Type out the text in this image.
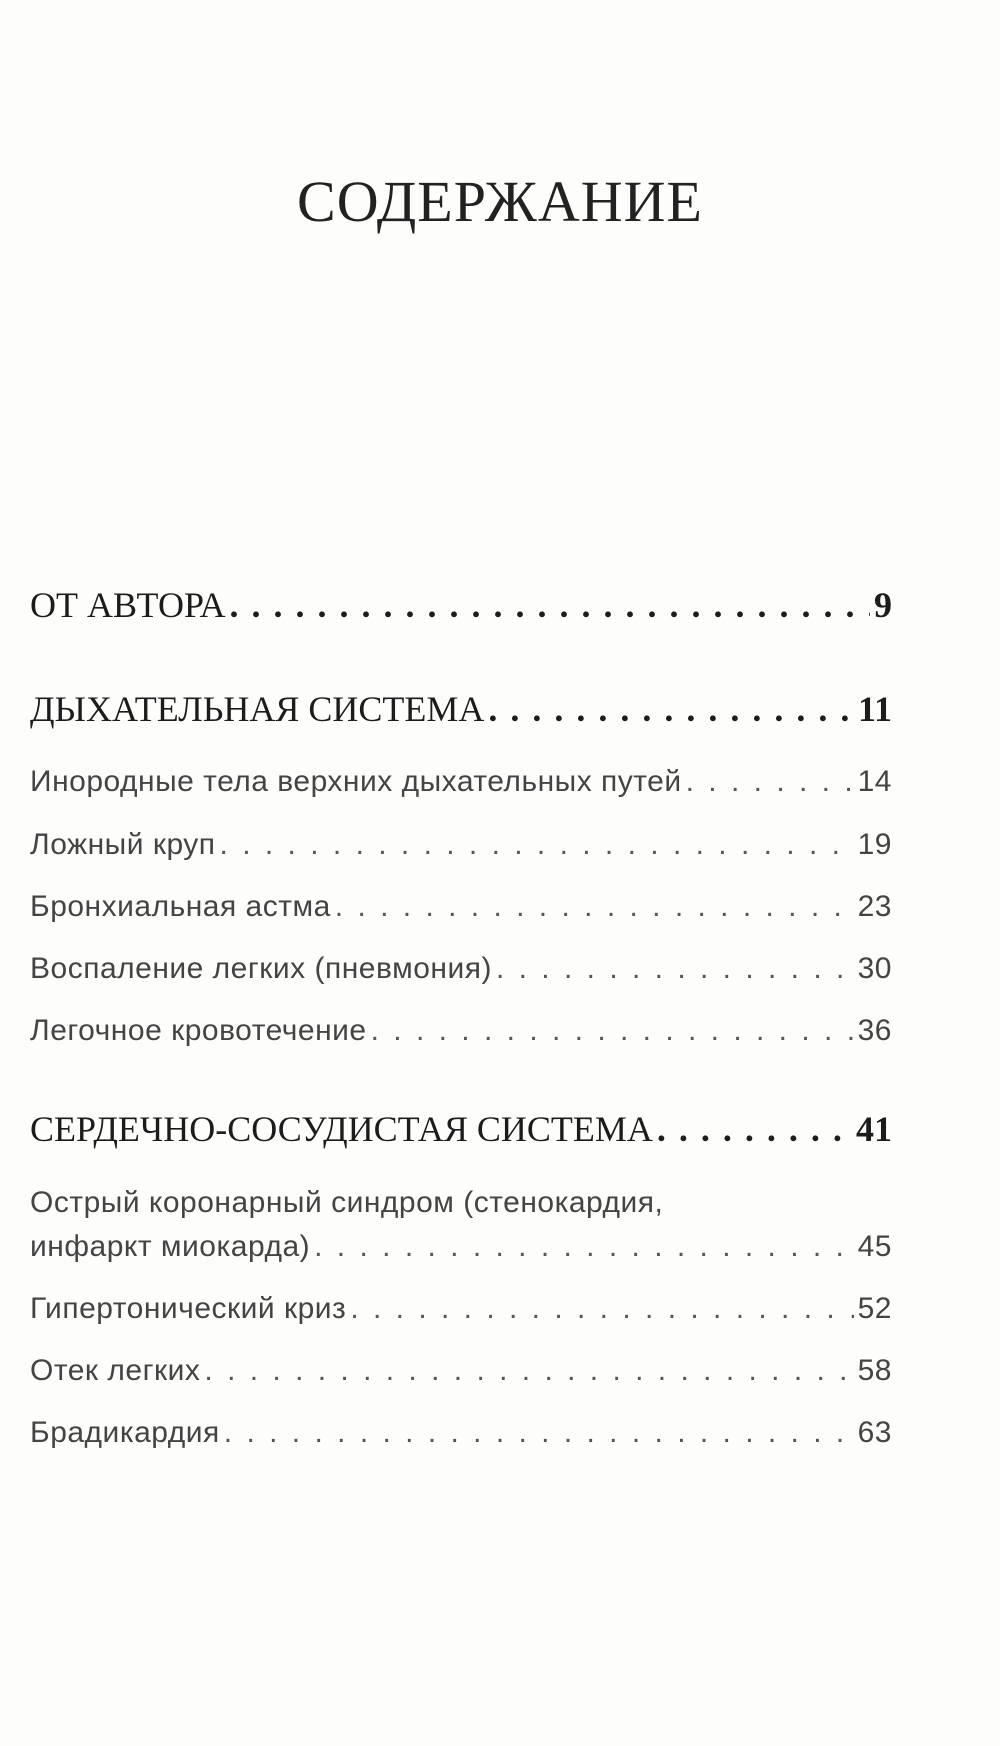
СОДЕРЖАНИЕ
ОТ АВТОРА . . .	9
ДЫХАТЕЛЬНАЯ СИСТЕМА . . .	11
Инородные тела верхних дыхательных путей . . .	14
Ложный круп . . .	19
Бронхиальная астма . . .	23
Воспаление легких (пневмония) . . .	30
Легочное кровотечение . . .	36
СЕРДЕЧНО-СОСУДИСТАЯ СИСТЕМА . . .	41
Острый коронарный синдром (стенокардия,
инфаркт миокарда) . . .	45
Гипертонический криз . . .	52
Отек легких . . .	58
Брадикардия . . .	63
